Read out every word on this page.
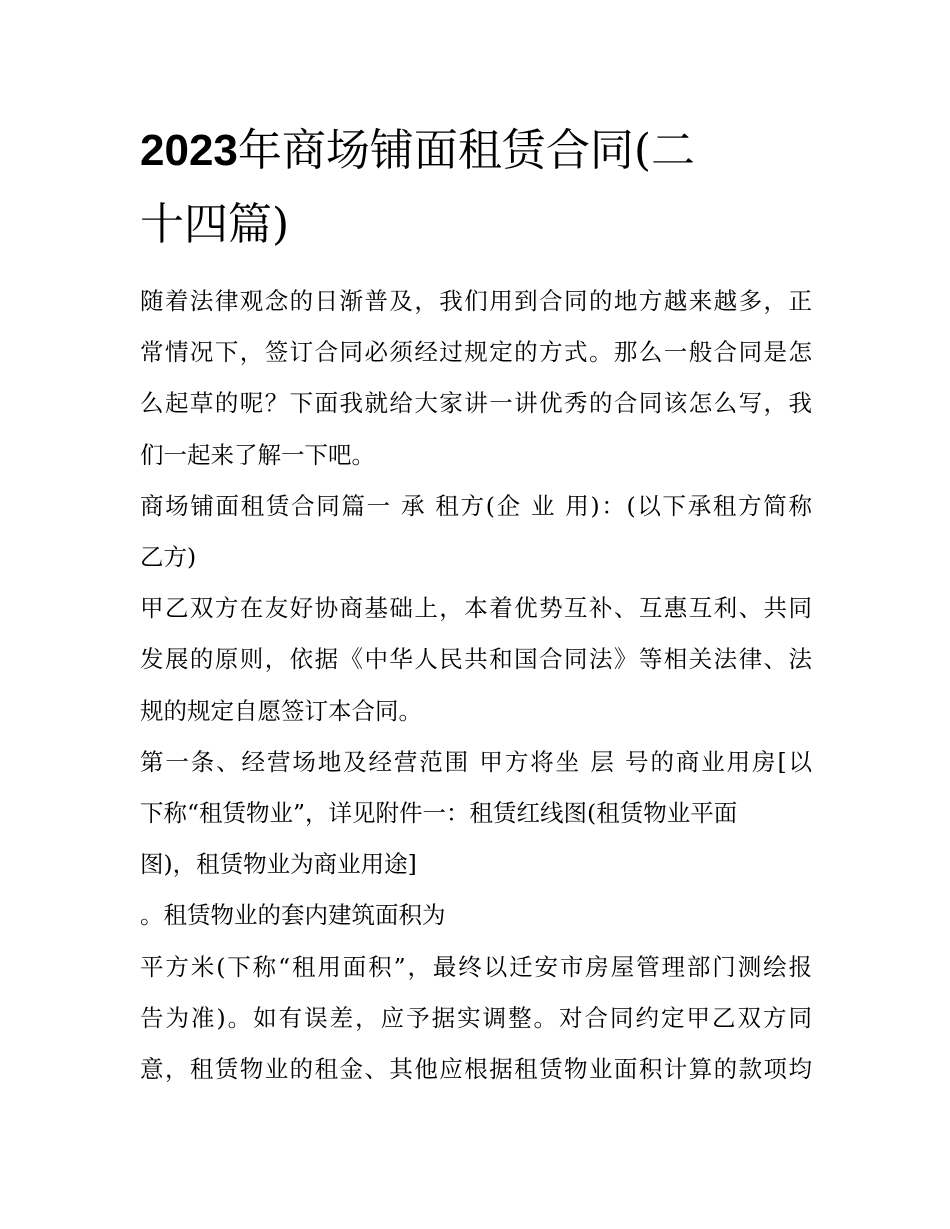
2023年商场铺面租赁合同(二
十四篇)

随着法律观念的日渐普及，我们用到合同的地方越来越多，正
常情况下，签订合同必须经过规定的方式。那么一般合同是怎
么起草的呢？下面我就给大家讲一讲优秀的合同该怎么写，我
们一起来了解一下吧。

商场铺面租赁合同篇一 承 租方(企 业 用)：(以下承租方简称
乙方)

甲乙双方在友好协商基础上，本着优势互补、互惠互利、共同
发展的原则，依据《中华人民共和国合同法》等相关法律、法
规的规定自愿签订本合同。

第一条、经营场地及经营范围 甲方将坐 层 号的商业用房[以
下称“租赁物业”，详见附件一：租赁红线图(租赁物业平面
图)，租赁物业为商业用途]

。租赁物业的套内建筑面积为

平方米(下称“租用面积”，最终以迁安市房屋管理部门测绘报
告为准)。如有误差，应予据实调整。对合同约定甲乙双方同
意，租赁物业的租金、其他应根据租赁物业面积计算的款项均
